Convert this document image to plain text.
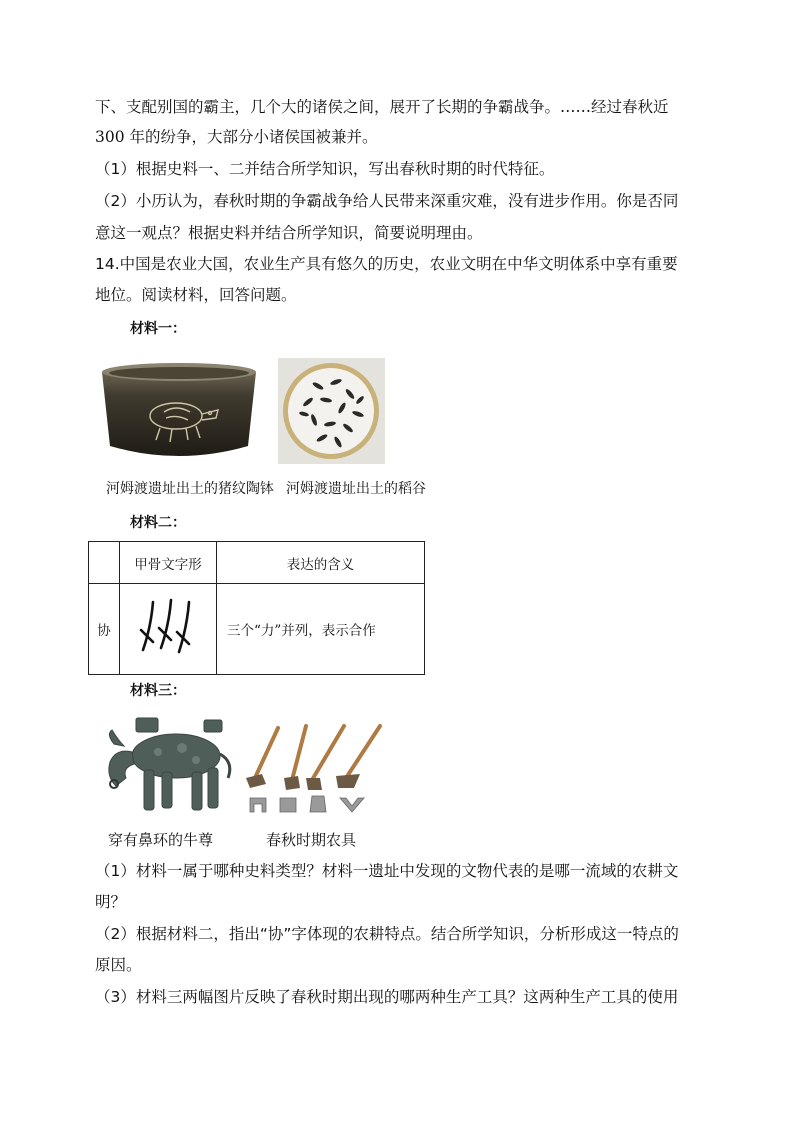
下、支配别国的霸主，几个大的诸侯之间，展开了长期的争霸战争。……经过春秋近
300 年的纷争，大部分小诸侯国被兼并。
（1）根据史料一、二并结合所学知识，写出春秋时期的时代特征。
（2）小历认为，春秋时期的争霸战争给人民带来深重灾难，没有进步作用。你是否同
意这一观点？根据史料并结合所学知识，简要说明理由。
14.中国是农业大国，农业生产具有悠久的历史，农业文明在中华文明体系中享有重要
地位。阅读材料，回答问题。
材料一：
河姆渡遗址出土的猪纹陶钵 河姆渡遗址出土的稻谷
材料二：
	甲骨文字形	表达的含义
协		三个“力”并列，表示合作
材料三：
穿有鼻环的牛尊	春秋时期农具
（1）材料一属于哪种史料类型？材料一遗址中发现的文物代表的是哪一流域的农耕文
明？
（2）根据材料二，指出“协”字体现的农耕特点。结合所学知识，分析形成这一特点的
原因。
（3）材料三两幅图片反映了春秋时期出现的哪两种生产工具？这两种生产工具的使用
